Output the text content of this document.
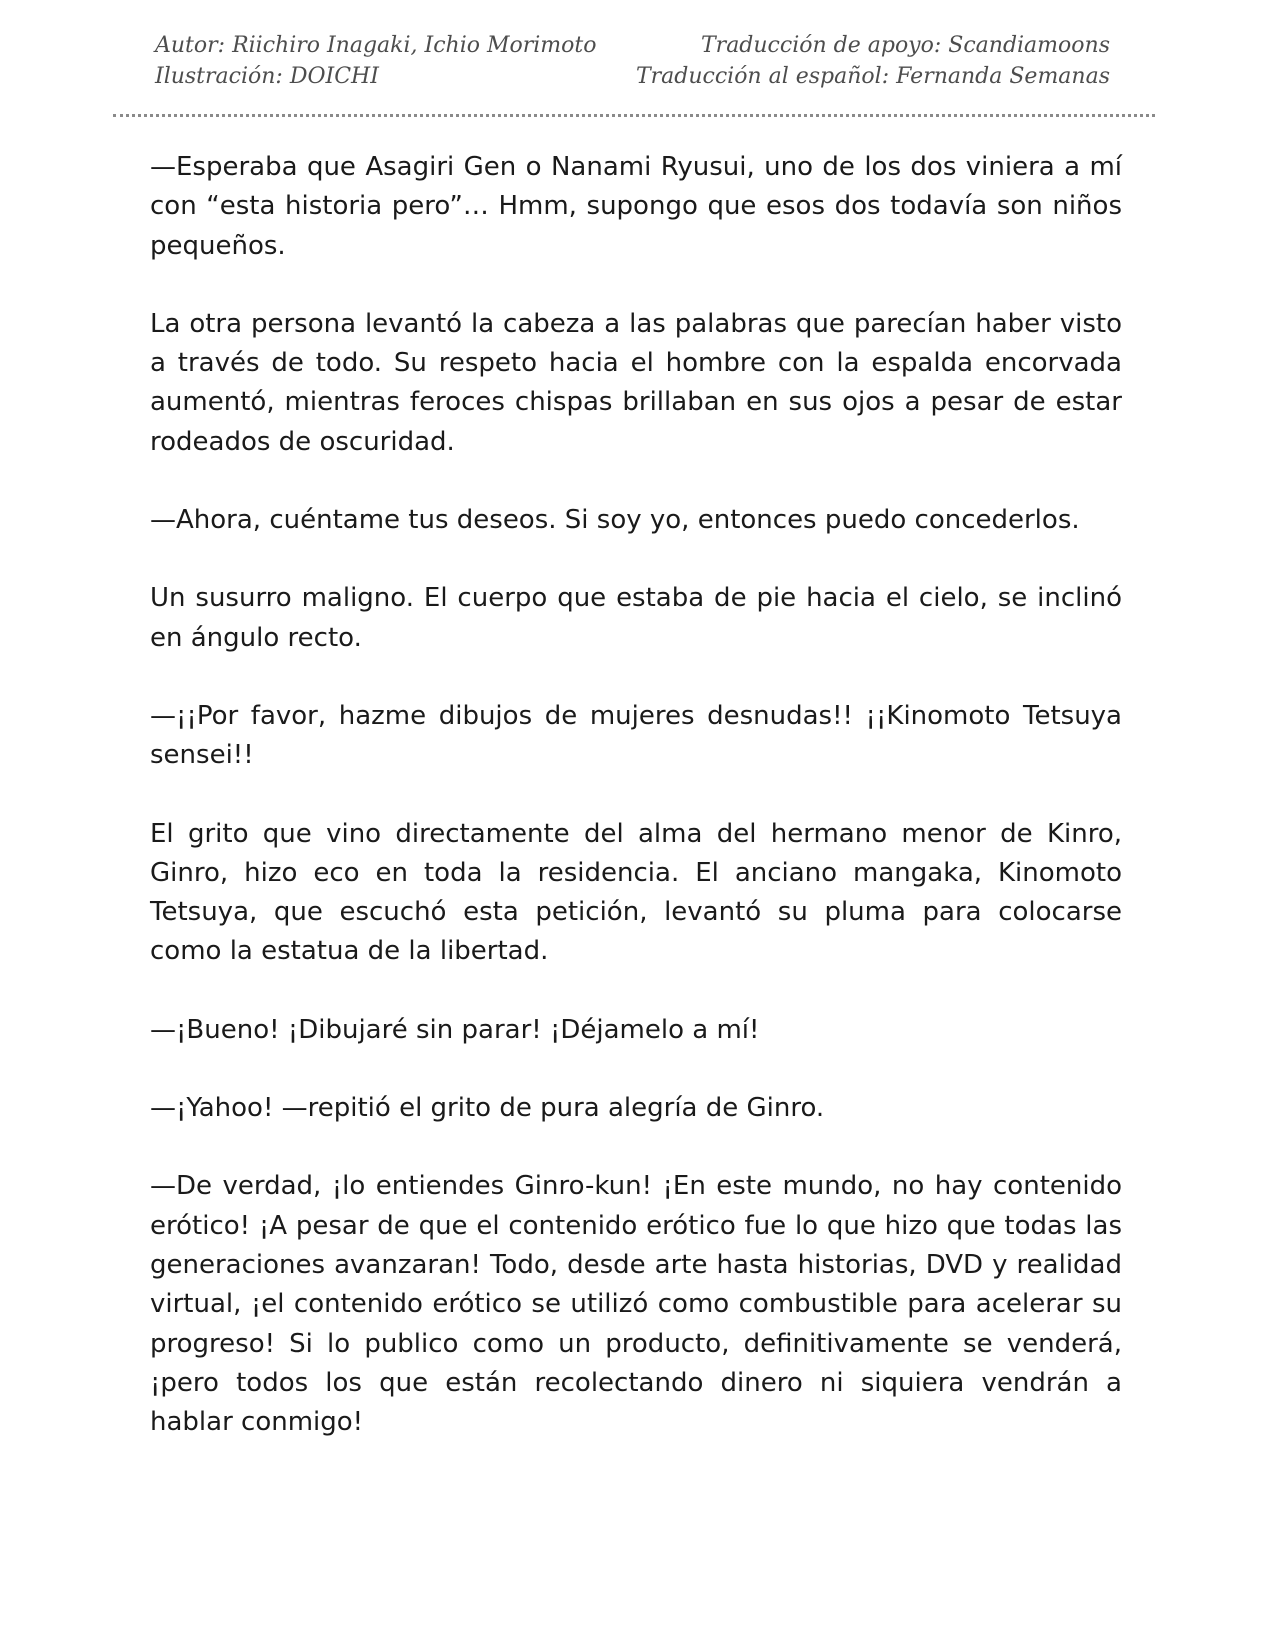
Autor: Riichiro Inagaki, Ichio Morimoto
Ilustración: DOICHI
Traducción de apoyo: Scandiamoons
Traducción al español: Fernanda Semanas

—Esperaba que Asagiri Gen o Nanami Ryusui, uno de los dos viniera a mí con “esta historia pero”… Hmm, supongo que esos dos todavía son niños pequeños.

La otra persona levantó la cabeza a las palabras que parecían haber visto a través de todo. Su respeto hacia el hombre con la espalda encorvada aumentó, mientras feroces chispas brillaban en sus ojos a pesar de estar rodeados de oscuridad.

—Ahora, cuéntame tus deseos. Si soy yo, entonces puedo concederlos.

Un susurro maligno. El cuerpo que estaba de pie hacia el cielo, se inclinó en ángulo recto.

—¡¡Por favor, hazme dibujos de mujeres desnudas!! ¡¡Kinomoto Tetsuya sensei!!

El grito que vino directamente del alma del hermano menor de Kinro, Ginro, hizo eco en toda la residencia. El anciano mangaka, Kinomoto Tetsuya, que escuchó esta petición, levantó su pluma para colocarse como la estatua de la libertad.

—¡Bueno! ¡Dibujaré sin parar! ¡Déjamelo a mí!

—¡Yahoo! —repitió el grito de pura alegría de Ginro.

—De verdad, ¡lo entiendes Ginro-kun! ¡En este mundo, no hay contenido erótico! ¡A pesar de que el contenido erótico fue lo que hizo que todas las generaciones avanzaran! Todo, desde arte hasta historias, DVD y realidad virtual, ¡el contenido erótico se utilizó como combustible para acelerar su progreso! Si lo publico como un producto, definitivamente se venderá, ¡pero todos los que están recolectando dinero ni siquiera vendrán a hablar conmigo!
